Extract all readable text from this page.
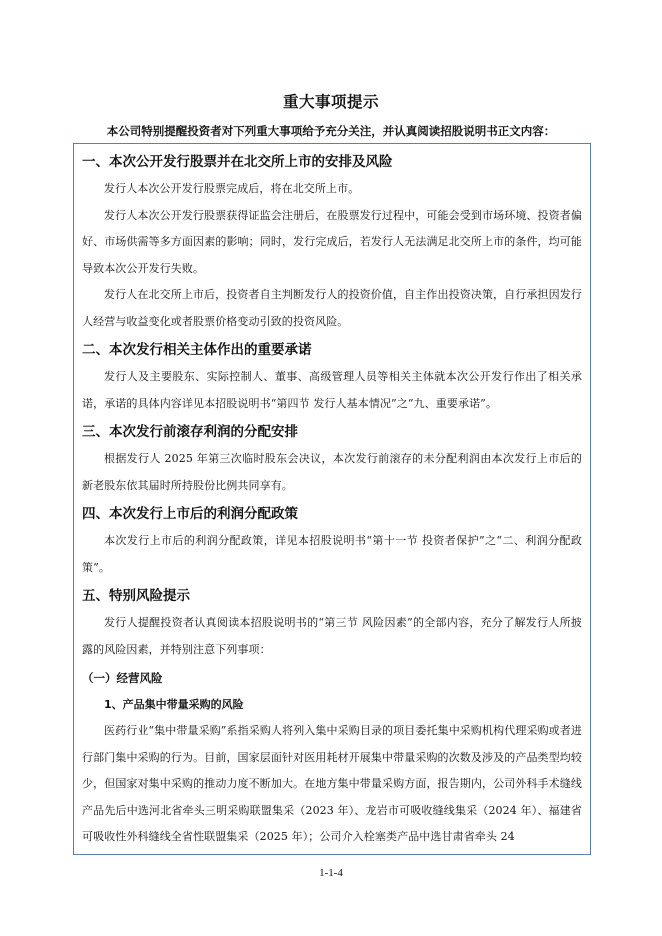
重大事项提示
本公司特别提醒投资者对下列重大事项给予充分关注，并认真阅读招股说明书正文内容：
一、本次公开发行股票并在北交所上市的安排及风险

发行人本次公开发行股票完成后，将在北交所上市。

发行人本次公开发行股票获得证监会注册后，在股票发行过程中，可能会受到市场环境、投资者偏好、市场供需等多方面因素的影响；同时，发行完成后，若发行人无法满足北交所上市的条件，均可能导致本次公开发行失败。

发行人在北交所上市后，投资者自主判断发行人的投资价值，自主作出投资决策，自行承担因发行人经营与收益变化或者股票价格变动引致的投资风险。

二、本次发行相关主体作出的重要承诺

发行人及主要股东、实际控制人、董事、高级管理人员等相关主体就本次公开发行作出了相关承诺，承诺的具体内容详见本招股说明书“第四节 发行人基本情况”之“九、重要承诺”。

三、本次发行前滚存利润的分配安排

根据发行人 2025 年第三次临时股东会决议，本次发行前滚存的未分配利润由本次发行上市后的新老股东依其届时所持股份比例共同享有。

四、本次发行上市后的利润分配政策

本次发行上市后的利润分配政策，详见本招股说明书“第十一节 投资者保护”之“二、利润分配政策”。

五、特别风险提示

发行人提醒投资者认真阅读本招股说明书的“第三节 风险因素”的全部内容，充分了解发行人所披露的风险因素，并特别注意下列事项：

（一）经营风险
1、产品集中带量采购的风险

医药行业“集中带量采购”系指采购人将列入集中采购目录的项目委托集中采购机构代理采购或者进行部门集中采购的行为。目前，国家层面针对医用耗材开展集中带量采购的次数及涉及的产品类型均较少，但国家对集中采购的推动力度不断加大。在地方集中带量采购方面，报告期内，公司外科手术缝线产品先后中选河北省牵头三明采购联盟集采（2023 年）、龙岩市可吸收缝线集采（2024 年）、福建省可吸收性外科缝线全省性联盟集采（2025 年）；公司介入栓塞类产品中选甘肃省牵头 24

1-1-4
